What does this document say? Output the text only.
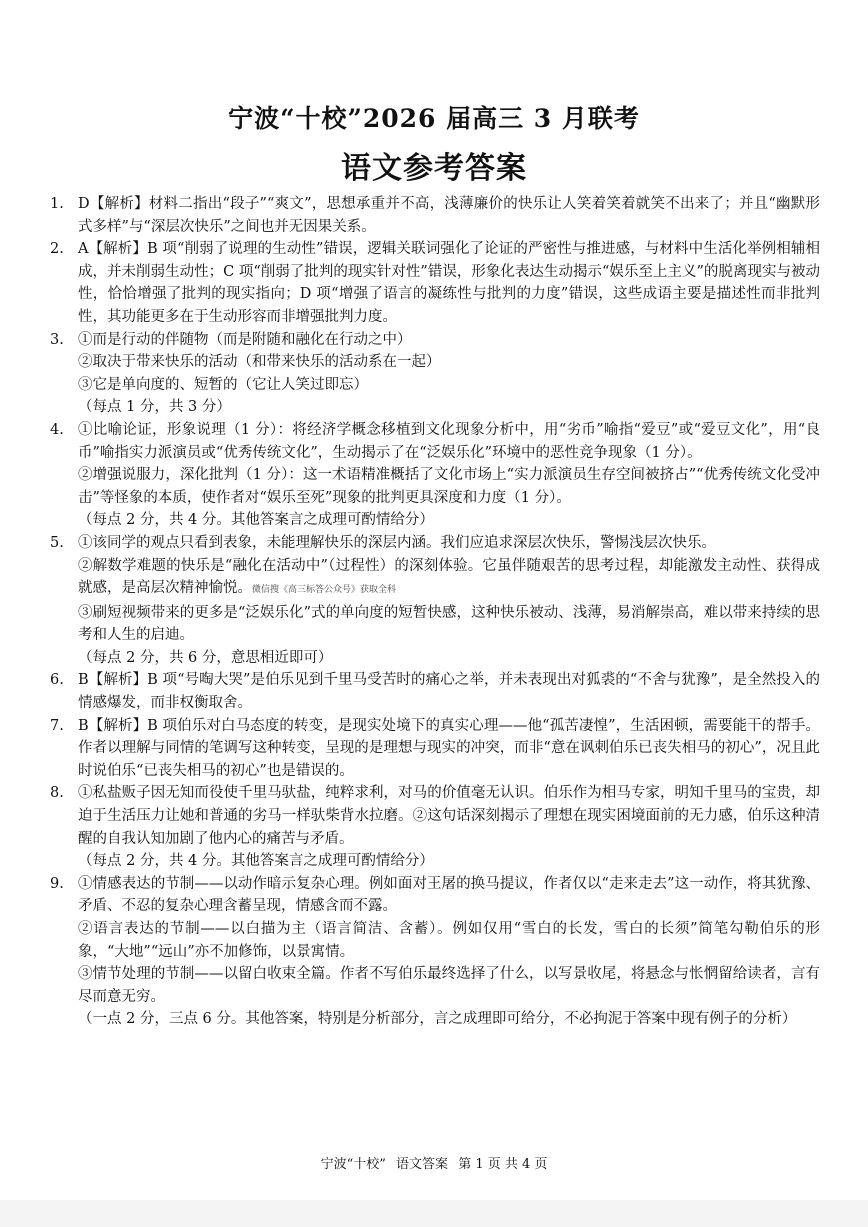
宁波“十校”2026 届高三 3 月联考
语文参考答案
1. D【解析】材料二指出“段子”“爽文”，思想承重并不高，浅薄廉价的快乐让人笑着笑着就笑不出来了；并且“幽默形式多样”与“深层次快乐”之间也并无因果关系。

2. A【解析】B 项“削弱了说理的生动性”错误，逻辑关联词强化了论证的严密性与推进感，与材料中生活化举例相辅相成，并未削弱生动性；C 项“削弱了批判的现实针对性”错误，形象化表达生动揭示“娱乐至上主义”的脱离现实与被动性，恰恰增强了批判的现实指向；D 项“增强了语言的凝练性与批判的力度”错误，这些成语主要是描述性而非批判性，其功能更多在于生动形容而非增强批判力度。

3. ①而是行动的伴随物（而是附随和融化在行动之中）

②取决于带来快乐的活动（和带来快乐的活动系在一起）

③它是单向度的、短暂的（它让人笑过即忘）

（每点 1 分，共 3 分）

4. ①比喻论证，形象说理（1 分）：将经济学概念移植到文化现象分析中，用“劣币”喻指“爱豆”或“爱豆文化”，用“良币”喻指实力派演员或“优秀传统文化”，生动揭示了在“泛娱乐化”环境中的恶性竞争现象（1 分）。

②增强说服力，深化批判（1 分）：这一术语精准概括了文化市场上“实力派演员生存空间被挤占”“优秀传统文化受冲击”等怪象的本质，使作者对“娱乐至死”现象的批判更具深度和力度（1 分）。

（每点 2 分，共 4 分。其他答案言之成理可酌情给分）

5. ①该同学的观点只看到表象，未能理解快乐的深层内涵。我们应追求深层次快乐，警惕浅层次快乐。

②解数学难题的快乐是“融化在活动中”（过程性）的深刻体验。它虽伴随艰苦的思考过程，却能激发主动性、获得成就感，是高层次精神愉悦。微信搜《高三标答公众号》获取全科

③刷短视频带来的更多是“泛娱乐化”式的单向度的短暂快感，这种快乐被动、浅薄，易消解崇高，难以带来持续的思考和人生的启迪。

（每点 2 分，共 6 分，意思相近即可）

6. B【解析】B 项“号啕大哭”是伯乐见到千里马受苦时的痛心之举，并未表现出对狐裘的“不舍与犹豫”，是全然投入的情感爆发，而非权衡取舍。

7. B【解析】B 项伯乐对白马态度的转变，是现实处境下的真实心理——他“孤苦凄惶”，生活困顿，需要能干的帮手。作者以理解与同情的笔调写这种转变，呈现的是理想与现实的冲突，而非“意在讽刺伯乐已丧失相马的初心”，况且此时说伯乐“已丧失相马的初心”也是错误的。

8. ①私盐贩子因无知而役使千里马驮盐，纯粹求利，对马的价值毫无认识。伯乐作为相马专家，明知千里马的宝贵，却迫于生活压力让她和普通的劣马一样驮柴背水拉磨。②这句话深刻揭示了理想在现实困境面前的无力感，伯乐这种清醒的自我认知加剧了他内心的痛苦与矛盾。

（每点 2 分，共 4 分。其他答案言之成理可酌情给分）

9. ①情感表达的节制——以动作暗示复杂心理。例如面对王屠的换马提议，作者仅以“走来走去”这一动作，将其犹豫、矛盾、不忍的复杂心理含蓄呈现，情感含而不露。

②语言表达的节制——以白描为主（语言简洁、含蓄）。例如仅用“雪白的长发，雪白的长须”简笔勾勒伯乐的形象，“大地”“远山”亦不加修饰，以景寓情。

③情节处理的节制——以留白收束全篇。作者不写伯乐最终选择了什么，以写景收尾，将悬念与怅惘留给读者，言有尽而意无穷。

（一点 2 分，三点 6 分。其他答案，特别是分析部分，言之成理即可给分，不必拘泥于答案中现有例子的分析）

宁波“十校” 语文答案 第 1 页 共 4 页
